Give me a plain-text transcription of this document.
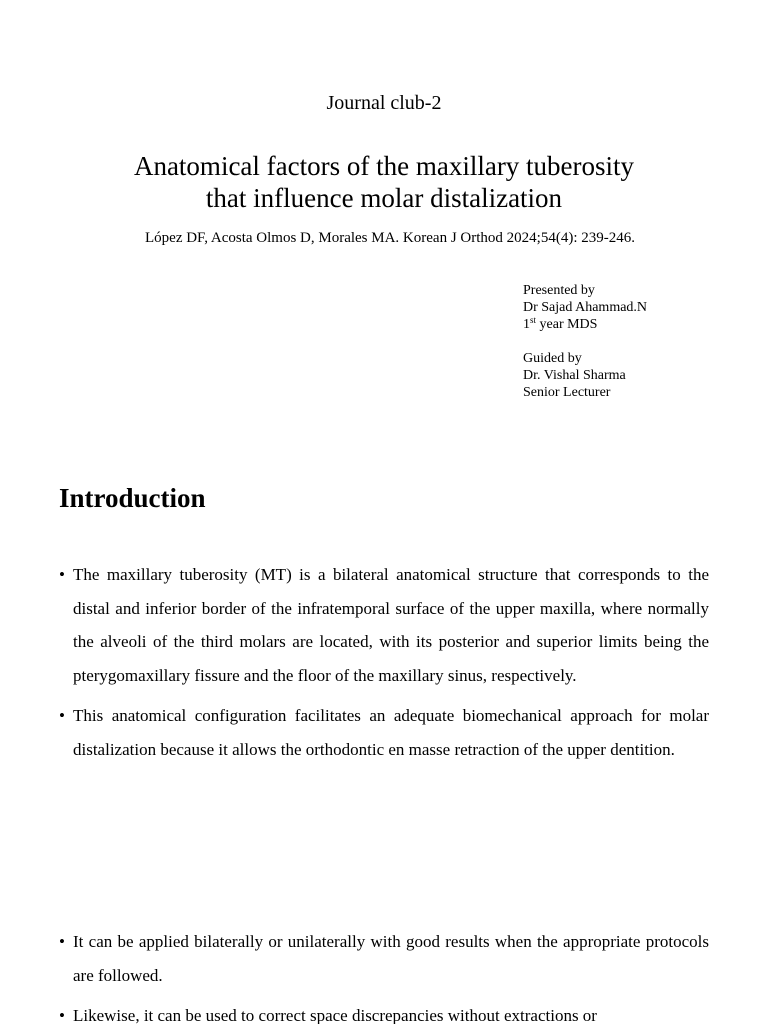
Journal club-2
Anatomical factors of the maxillary tuberosity
that influence molar distalization
López DF, Acosta Olmos D, Morales MA. Korean J Orthod 2024;54(4): 239-246.
Presented by
Dr Sajad Ahammad.N
1st year MDS
Guided by
Dr. Vishal Sharma
Senior Lecturer
Introduction
• The maxillary tuberosity (MT) is a bilateral anatomical structure that corresponds to the distal and inferior border of the infratemporal surface of the upper maxilla, where normally the alveoli of the third molars are located, with its posterior and superior limits being the pterygomaxillary fissure and the floor of the maxillary sinus, respectively.
• This anatomical configuration facilitates an adequate biomechanical approach for molar distalization because it allows the orthodontic en masse retraction of the upper dentition.
• It can be applied bilaterally or unilaterally with good results when the appropriate protocols are followed.
• Likewise, it can be used to correct space discrepancies without extractions or
